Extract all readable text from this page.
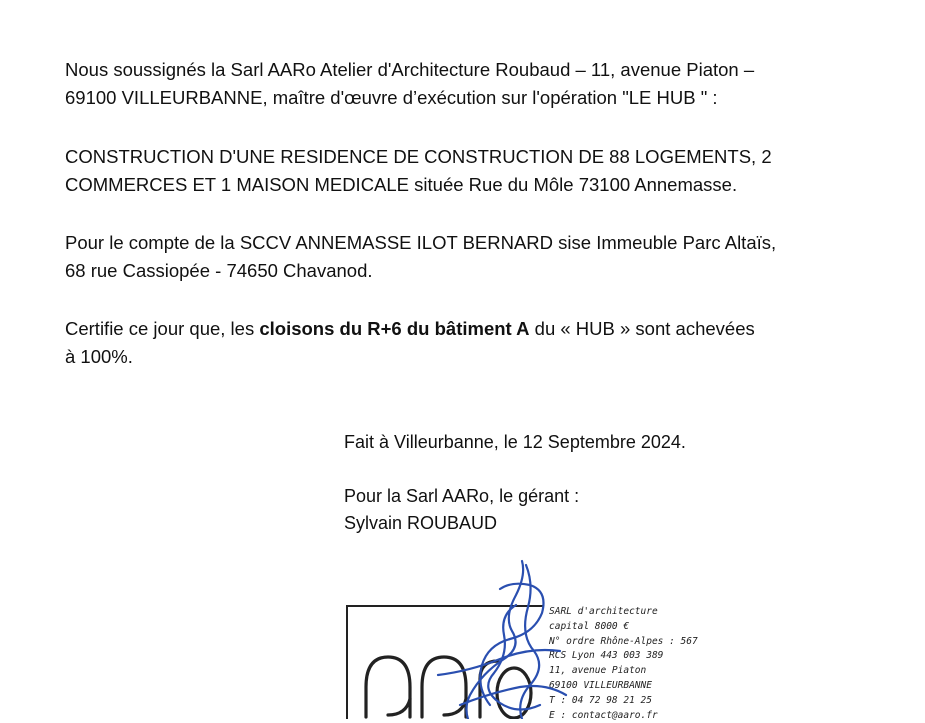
Nous soussignés la Sarl AARo Atelier d'Architecture Roubaud – 11, avenue Piaton –
69100 VILLEURBANNE, maître d'œuvre d’exécution sur l'opération "LE HUB " :

CONSTRUCTION D'UNE RESIDENCE DE CONSTRUCTION DE 88 LOGEMENTS, 2
COMMERCES ET 1 MAISON MEDICALE située Rue du Môle 73100 Annemasse.

Pour le compte de la SCCV ANNEMASSE ILOT BERNARD sise Immeuble Parc Altaïs,
68 rue Cassiopée - 74650 Chavanod.

Certifie ce jour que, les cloisons du R+6 du bâtiment A du « HUB » sont achevées
à 100%.

Fait à Villeurbanne, le 12 Septembre 2024.
Pour la Sarl AARo, le gérant :
Sylvain ROUBAUD
SARL d'architecture
capital 8000 €
N° ordre Rhône-Alpes : 567
RCS Lyon 443 003 389
11, avenue Piaton
69100 VILLEURBANNE
T : 04 72 98 21 25
E : contact@aaro.fr
